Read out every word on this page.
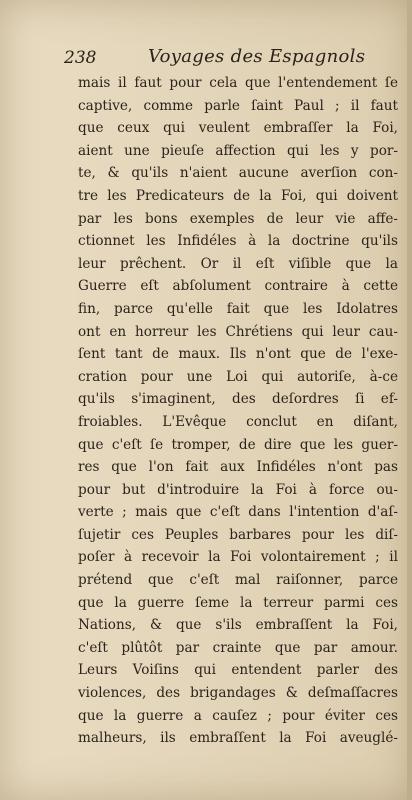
238	Voyages des Espagnols
mais il faut pour cela que l'entendement ſe
captive, comme parle ſaint Paul ; il faut
que ceux qui veulent embraſſer la Foi,
aient une pieuſe affection qui les y por-
te, & qu'ils n'aient aucune averſion con-
tre les Predicateurs de la Foi, qui doivent
par les bons exemples de leur vie affe-
ctionnet les Infidéles à la doctrine qu'ils
leur prêchent. Or il eſt viſible que la
Guerre eſt abſolument contraire à cette
fin, parce qu'elle fait que les Idolatres
ont en horreur les Chrétiens qui leur cau-
ſent tant de maux. Ils n'ont que de l'exe-
cration pour une Loi qui autoriſe, à-ce
qu'ils s'imaginent, des deſordres ſi ef-
froiables. L'Evêque conclut en diſant,
que c'eſt ſe tromper, de dire que les guer-
res que l'on fait aux Infidéles n'ont pas
pour but d'introduire la Foi à force ou-
verte ; mais que c'eſt dans l'intention d'aſ-
ſujetir ces Peuples barbares pour les diſ-
poſer à recevoir la Foi volontairement ; il
prétend que c'eſt mal raiſonner, parce
que la guerre ſeme la terreur parmi ces
Nations, & que s'ils embraſſent la Foi,
c'eſt plûtôt par crainte que par amour.
Leurs Voiſins qui entendent parler des
violences, des brigandages & deſmaſſacres
que la guerre a cauſez ; pour éviter ces
malheurs, ils embraſſent la Foi aveuglé-
